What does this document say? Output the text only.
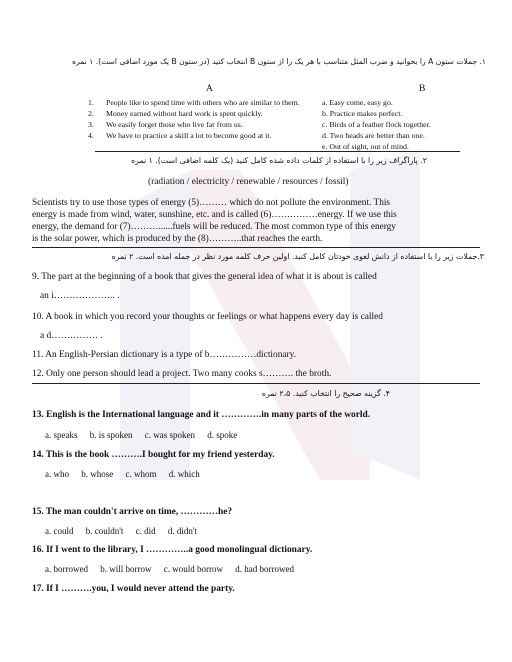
۱. جملات ستون A را بخوانید و ضرب المثل متناسب با هر یک را از ستون B انتخاب کنید (در ستون B یک مورد اضافی است). ۱ نمره
A	B
1. People like to spend time with others who are similar to them.
2. Money earned without hard work is spent quickly.
3. We easily forget those who live far from us.
4. We have to practice a skill a lot to become good at it.
a. Easy come, easy go.
b. Practice makes perfect.
c. Birds of a feather flock together.
d. Two heads are better than one.
e. Out of sight, out of mind.
۲. پاراگراف زیر را با استفاده از کلمات داده شده کامل کنید (یک کلمه اضافی است). ۱ نمره
(radiation / electricity / renewable / resources / fossil)
Scientists try to use those types of energy (5)……… which do not pollute the environment. This
energy is made from wind, water, sunshine, etc. and is called (6)……………energy. If we use this
energy, the demand for (7)………......fuels will be reduced. The most common type of this energy
is the solar power, which is produced by the (8)………..that reaches the earth.
۳.جملات زیر را با استفاده از دانش لغوی خودتان کامل کنید. اولین حرف کلمه مورد نظر در جمله امده است. ۲ نمره
9. The part at the beginning of a book that gives the general idea of what it is about is called
an i……………….. .
10. A book in which you record your thoughts or feelings or what happens every day is called
a d…………… .
11. An English-Persian dictionary is a type of b……………dictionary.
12. Only one person should lead a project. Two many cooks s………. the broth.
۴. گزینه صحیح را انتخاب کنید. ۲،۵ نمره
13. English is the International language and it ………….in many parts of the world.
a. speaks b. is spoken c. was spoken d. spoke
14. This is the book ……….I bought for my friend yesterday.
a. who b. whose c. whom d. which
15. The man couldn't arrive on time, …………he?
a. could b. couldn't c. did d. didn't
16. If I went to the library, I …………..a good monolingual dictionary.
a. borrowed b. will borrow c. would borrow d. had borrowed
17. If I ……….you, I would never attend the party.
